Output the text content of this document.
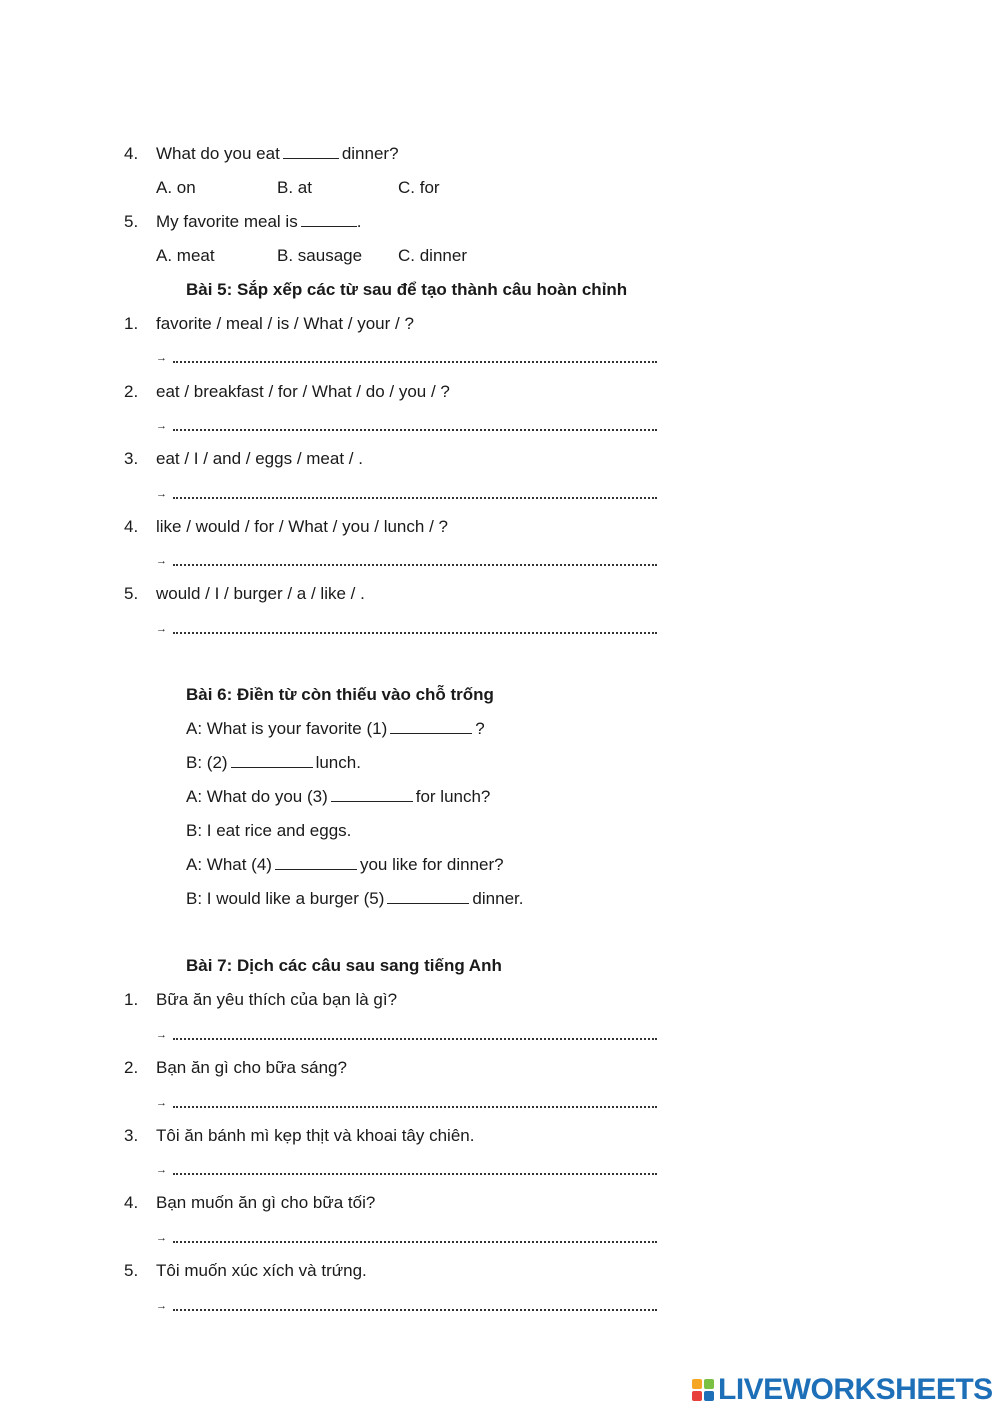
4. What do you eat	dinner?
A. on	B. at	C. for
5. My favorite meal is	.
A. meat	B. sausage C. dinner
Bài 5: Sắp xếp các từ sau để tạo thành câu hoàn chỉnh
1. favorite / meal / is / What / your / ?
→
2. eat / breakfast / for / What / do / you / ?
→
3. eat / I / and / eggs / meat / .
→
4. like / would / for / What / you / lunch / ?
→
5. would / I / burger / a / like / .
→
Bài 6: Điền từ còn thiếu vào chỗ trống
A: What is your favorite (1)	?
B: (2)	lunch.
A: What do you (3)	for lunch?
B: I eat rice and eggs.
A: What (4)	you like for dinner?
B: I would like a burger (5)	dinner.
Bài 7: Dịch các câu sau sang tiếng Anh
1. Bữa ăn yêu thích của bạn là gì?
→
2. Bạn ăn gì cho bữa sáng?
→
3. Tôi ăn bánh mì kẹp thịt và khoai tây chiên.
→
4. Bạn muốn ăn gì cho bữa tối?
→
5. Tôi muốn xúc xích và trứng.
→
LIVEWORKSHEETS
